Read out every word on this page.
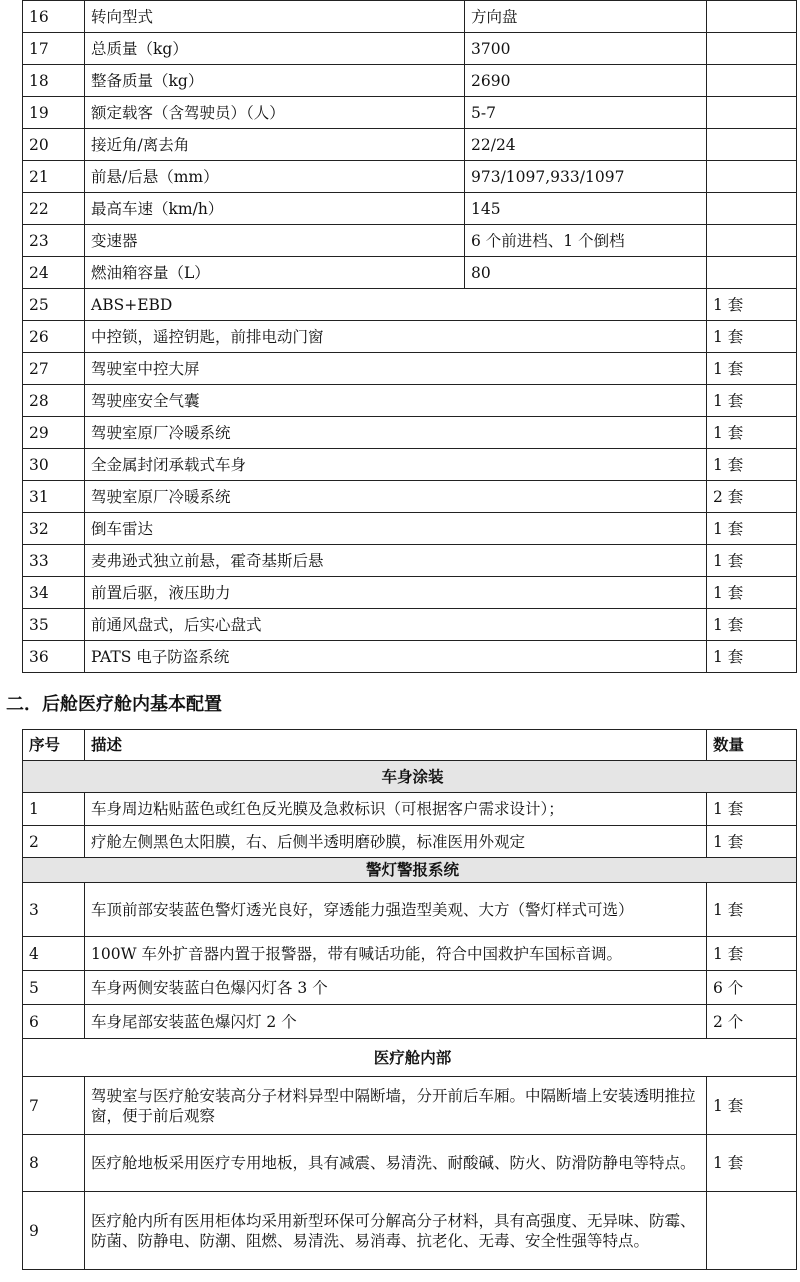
16	转向型式	方向盘	
17	总质量（kg）	3700	
18	整备质量（kg）	2690	
19	额定载客（含驾驶员）（人）	5-7	
20	接近角/离去角	22/24	
21	前悬/后悬（mm）	973/1097,933/1097	
22	最高车速（km/h）	145	
23	变速器	6 个前进档、1 个倒档	
24	燃油箱容量（L）	80	
25	ABS+EBD		1 套
26	中控锁，遥控钥匙，前排电动门窗		1 套
27	驾驶室中控大屏		1 套
28	驾驶座安全气囊		1 套
29	驾驶室原厂冷暖系统		1 套
30	全金属封闭承载式车身		1 套
31	驾驶室原厂冷暖系统		2 套
32	倒车雷达		1 套
33	麦弗逊式独立前悬，霍奇基斯后悬		1 套
34	前置后驱，液压助力		1 套
35	前通风盘式，后实心盘式		1 套
36	PATS 电子防盗系统		1 套
二．后舱医疗舱内基本配置
序号	描述	数量
车身涂装		
1	车身周边粘贴蓝色或红色反光膜及急救标识（可根据客户需求设计）；	1 套
2	疗舱左侧黑色太阳膜，右、后侧半透明磨砂膜，标准医用外观定	1 套
警灯警报系统		
3	车顶前部安装蓝色警灯透光良好，穿透能力强造型美观、大方（警灯样式可选）	1 套
4	100W 车外扩音器内置于报警器，带有喊话功能，符合中国救护车国标音调。	1 套
5	车身两侧安装蓝白色爆闪灯各 3 个	6 个
6	车身尾部安装蓝色爆闪灯 2 个	2 个
医疗舱内部		
7	驾驶室与医疗舱安装高分子材料异型中隔断墙，分开前后车厢。中隔断墙上安装透明推拉窗，便于前后观察	1 套
8	医疗舱地板采用医疗专用地板，具有减震、易清洗、耐酸碱、防火、防滑防静电等特点。	1 套
9	医疗舱内所有医用柜体均采用新型环保可分解高分子材料，具有高强度、无异味、防霉、防菌、防静电、防潮、阻燃、易清洗、易消毒、抗老化、无毒、安全性强等特点。	
